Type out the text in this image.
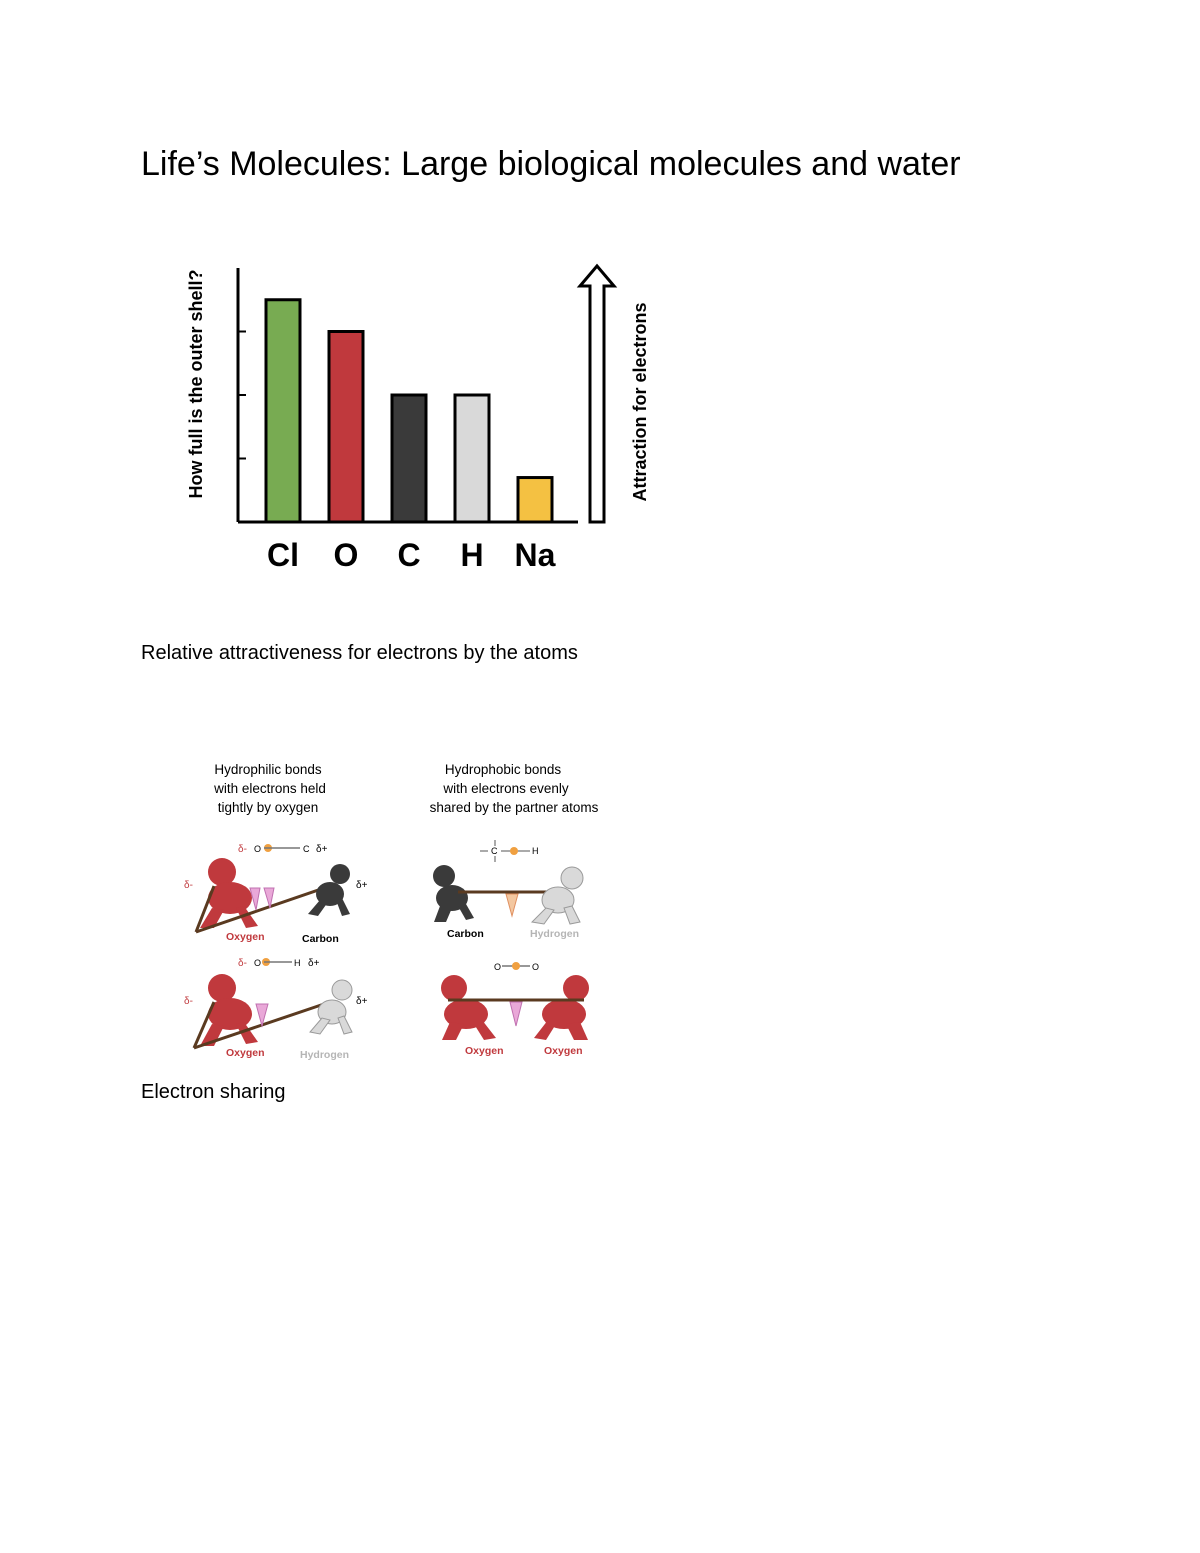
Life’s Molecules: Large biological molecules and water
Cl O C H Na
How full is the outer shell?	Attraction for electrons
Relative attractiveness for electrons by the atoms
Hydrophilic bonds
with electrons held
tightly by oxygen
Hydrophobic bonds
with electrons evenly
shared by the partner atoms
δ- O	C δ+
δ-	δ+
Oxygen	Carbon
δ- O	H δ+
δ-	δ+
Oxygen	Hydrogen
C	H
Carbon	Hydrogen
O	O
Oxygen	Oxygen
Electron sharing
